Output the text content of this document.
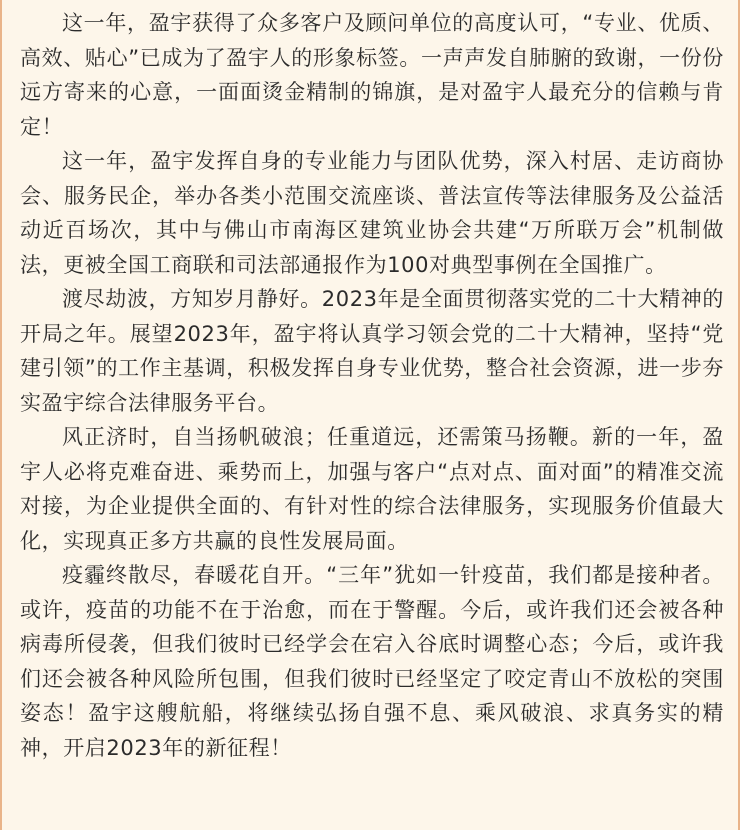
这一年，盈宇获得了众多客户及顾问单位的高度认可，“专业、优质、高效、贴心”已成为了盈宇人的形象标签。一声声发自肺腑的致谢，一份份远方寄来的心意，一面面烫金精制的锦旗，是对盈宇人最充分的信赖与肯定！

这一年，盈宇发挥自身的专业能力与团队优势，深入村居、走访商协会、服务民企，举办各类小范围交流座谈、普法宣传等法律服务及公益活动近百场次，其中与佛山市南海区建筑业协会共建“万所联万会”机制做法，更被全国工商联和司法部通报作为100对典型事例在全国推广。

渡尽劫波，方知岁月静好。2023年是全面贯彻落实党的二十大精神的开局之年。展望2023年，盈宇将认真学习领会党的二十大精神，坚持“党建引领”的工作主基调，积极发挥自身专业优势，整合社会资源，进一步夯实盈宇综合法律服务平台。

风正济时，自当扬帆破浪；任重道远，还需策马扬鞭。新的一年，盈宇人必将克难奋进、乘势而上，加强与客户“点对点、面对面”的精准交流对接，为企业提供全面的、有针对性的综合法律服务，实现服务价值最大化，实现真正多方共赢的良性发展局面。

疫霾终散尽，春暖花自开。“三年”犹如一针疫苗，我们都是接种者。或许，疫苗的功能不在于治愈，而在于警醒。今后，或许我们还会被各种病毒所侵袭，但我们彼时已经学会在宕入谷底时调整心态；今后，或许我们还会被各种风险所包围，但我们彼时已经坚定了咬定青山不放松的突围姿态！盈宇这艘航船，将继续弘扬自强不息、乘风破浪、求真务实的精神，开启2023年的新征程！
